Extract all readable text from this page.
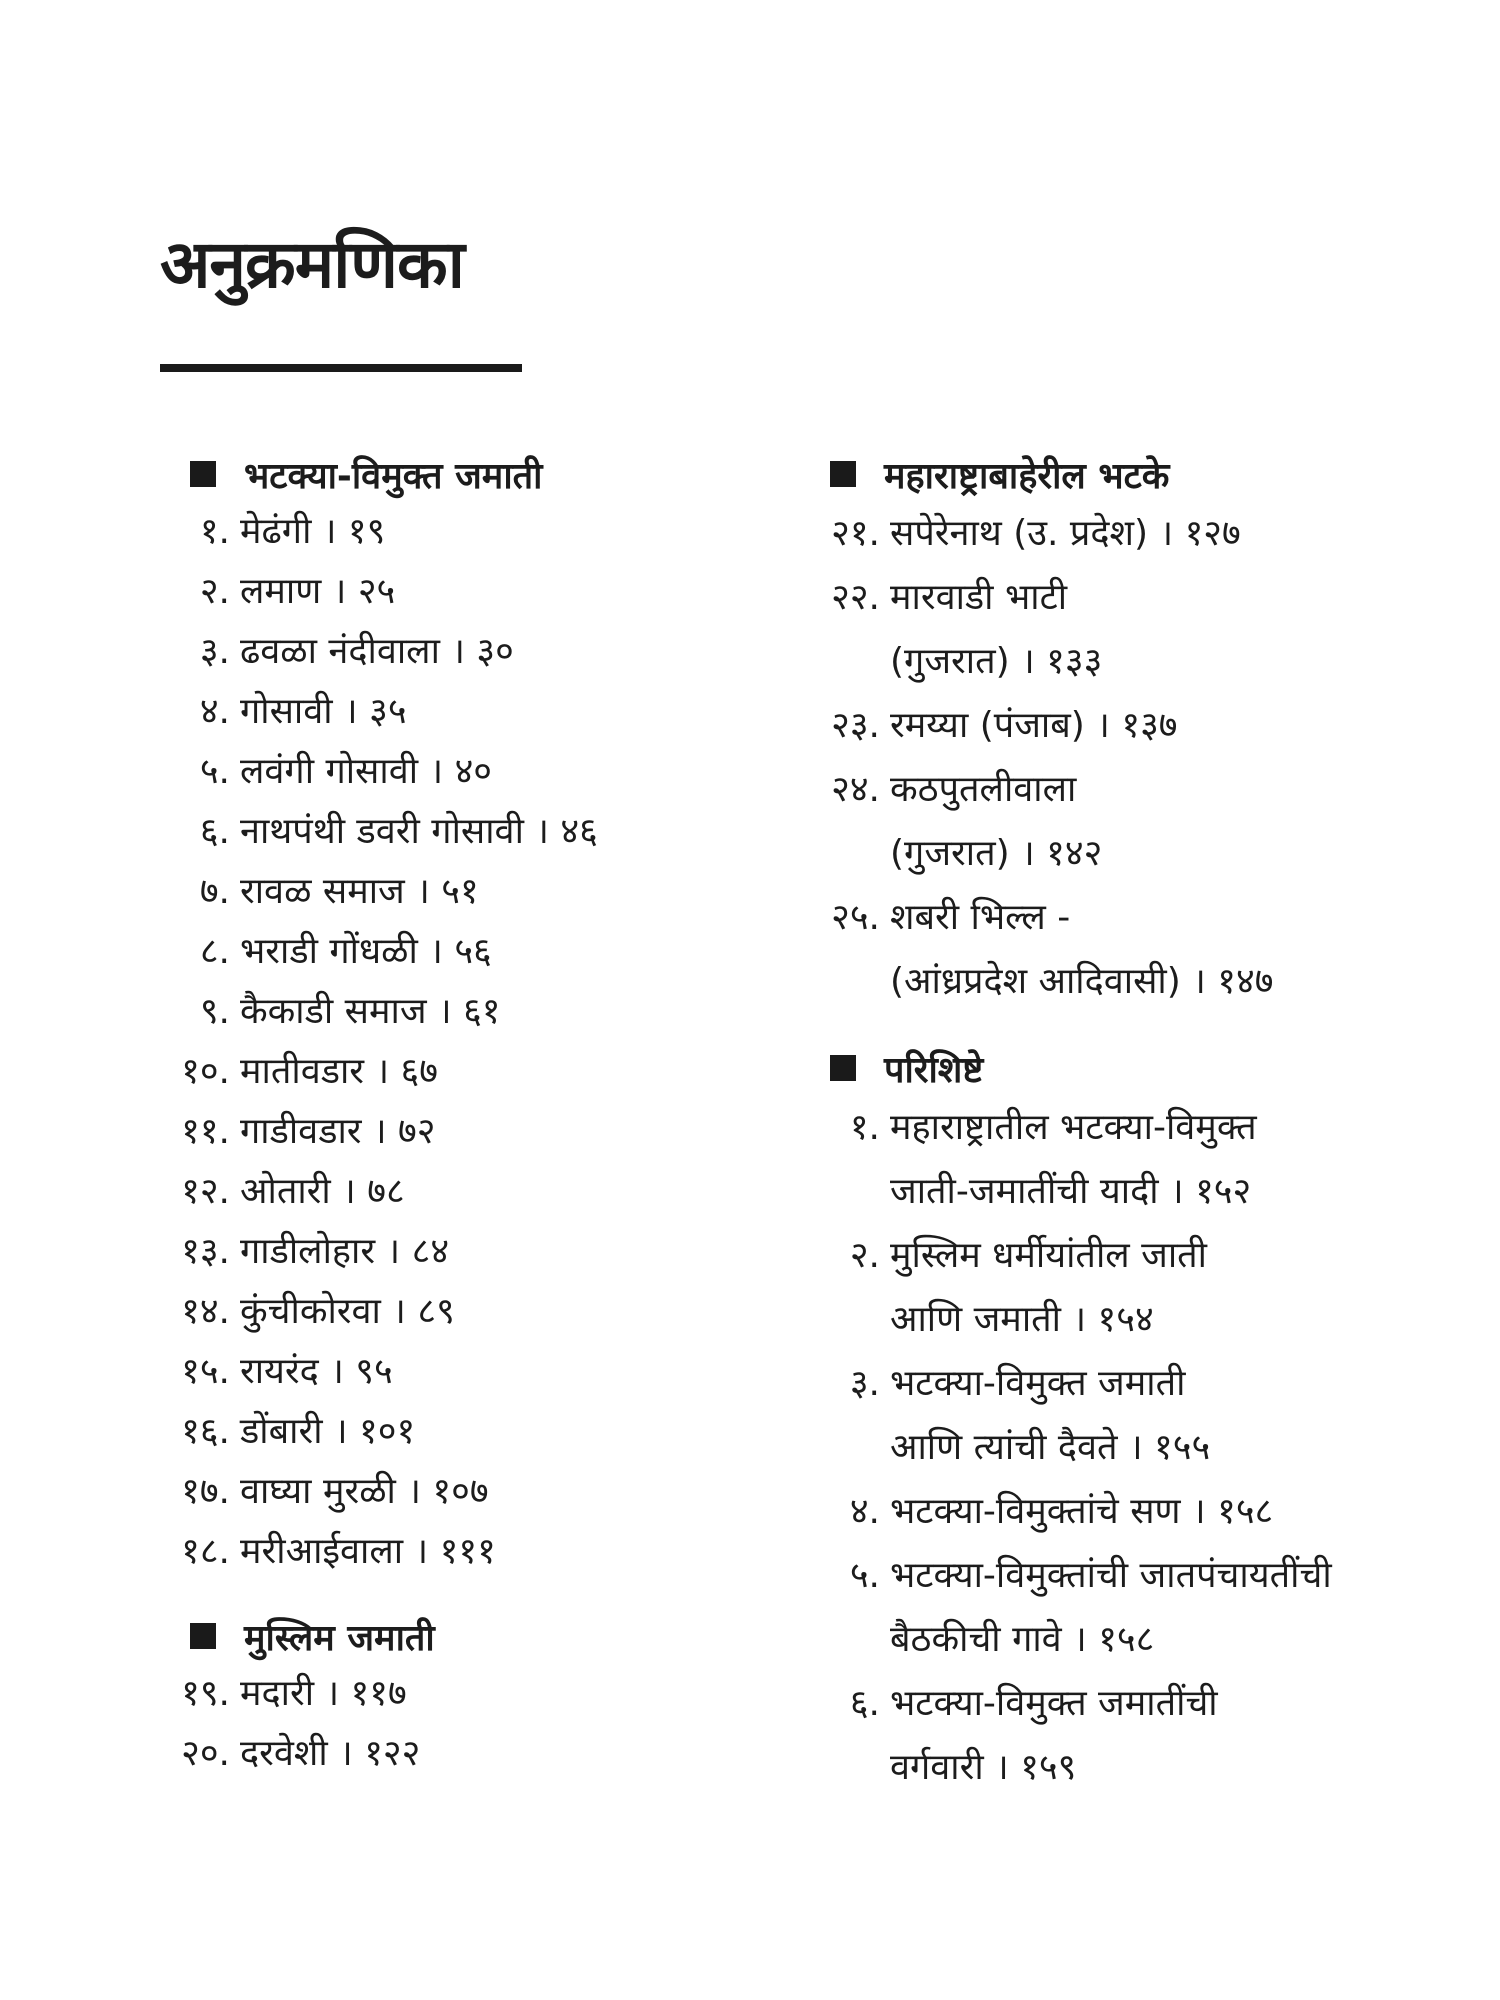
अनुक्रमणिका
भटक्या-विमुक्त जमाती
१. मेढंगी । १९
२. लमाण । २५
३. ढवळा नंदीवाला । ३०
४. गोसावी । ३५
५. लवंगी गोसावी । ४०
६. नाथपंथी डवरी गोसावी । ४६
७. रावळ समाज । ५१
८. भराडी गोंधळी । ५६
९. कैकाडी समाज । ६१
१०. मातीवडार । ६७
११. गाडीवडार । ७२
१२. ओतारी । ७८
१३. गाडीलोहार । ८४
१४. कुंचीकोरवा । ८९
१५. रायरंद । ९५
१६. डोंबारी । १०१
१७. वाघ्या मुरळी । १०७
१८. मरीआईवाला । १११
मुस्लिम जमाती
१९. मदारी । ११७
२०. दरवेशी । १२२
महाराष्ट्राबाहेरील भटके
२१. सपेरेनाथ (उ. प्रदेश) । १२७
२२. मारवाडी भाटी
(गुजरात) । १३३
२३. रमय्या (पंजाब) । १३७
२४. कठपुतलीवाला
(गुजरात) । १४२
२५. शबरी भिल्ल -
(आंध्रप्रदेश आदिवासी) । १४७
परिशिष्टे
१. महाराष्ट्रातील भटक्या-विमुक्त
जाती-जमातींची यादी । १५२
२. मुस्लिम धर्मीयांतील जाती
आणि जमाती । १५४
३. भटक्या-विमुक्त जमाती
आणि त्यांची दैवते । १५५
४. भटक्या-विमुक्तांचे सण । १५८
५. भटक्या-विमुक्तांची जातपंचायतींची
बैठकीची गावे । १५८
६. भटक्या-विमुक्त जमातींची
वर्गवारी । १५९
